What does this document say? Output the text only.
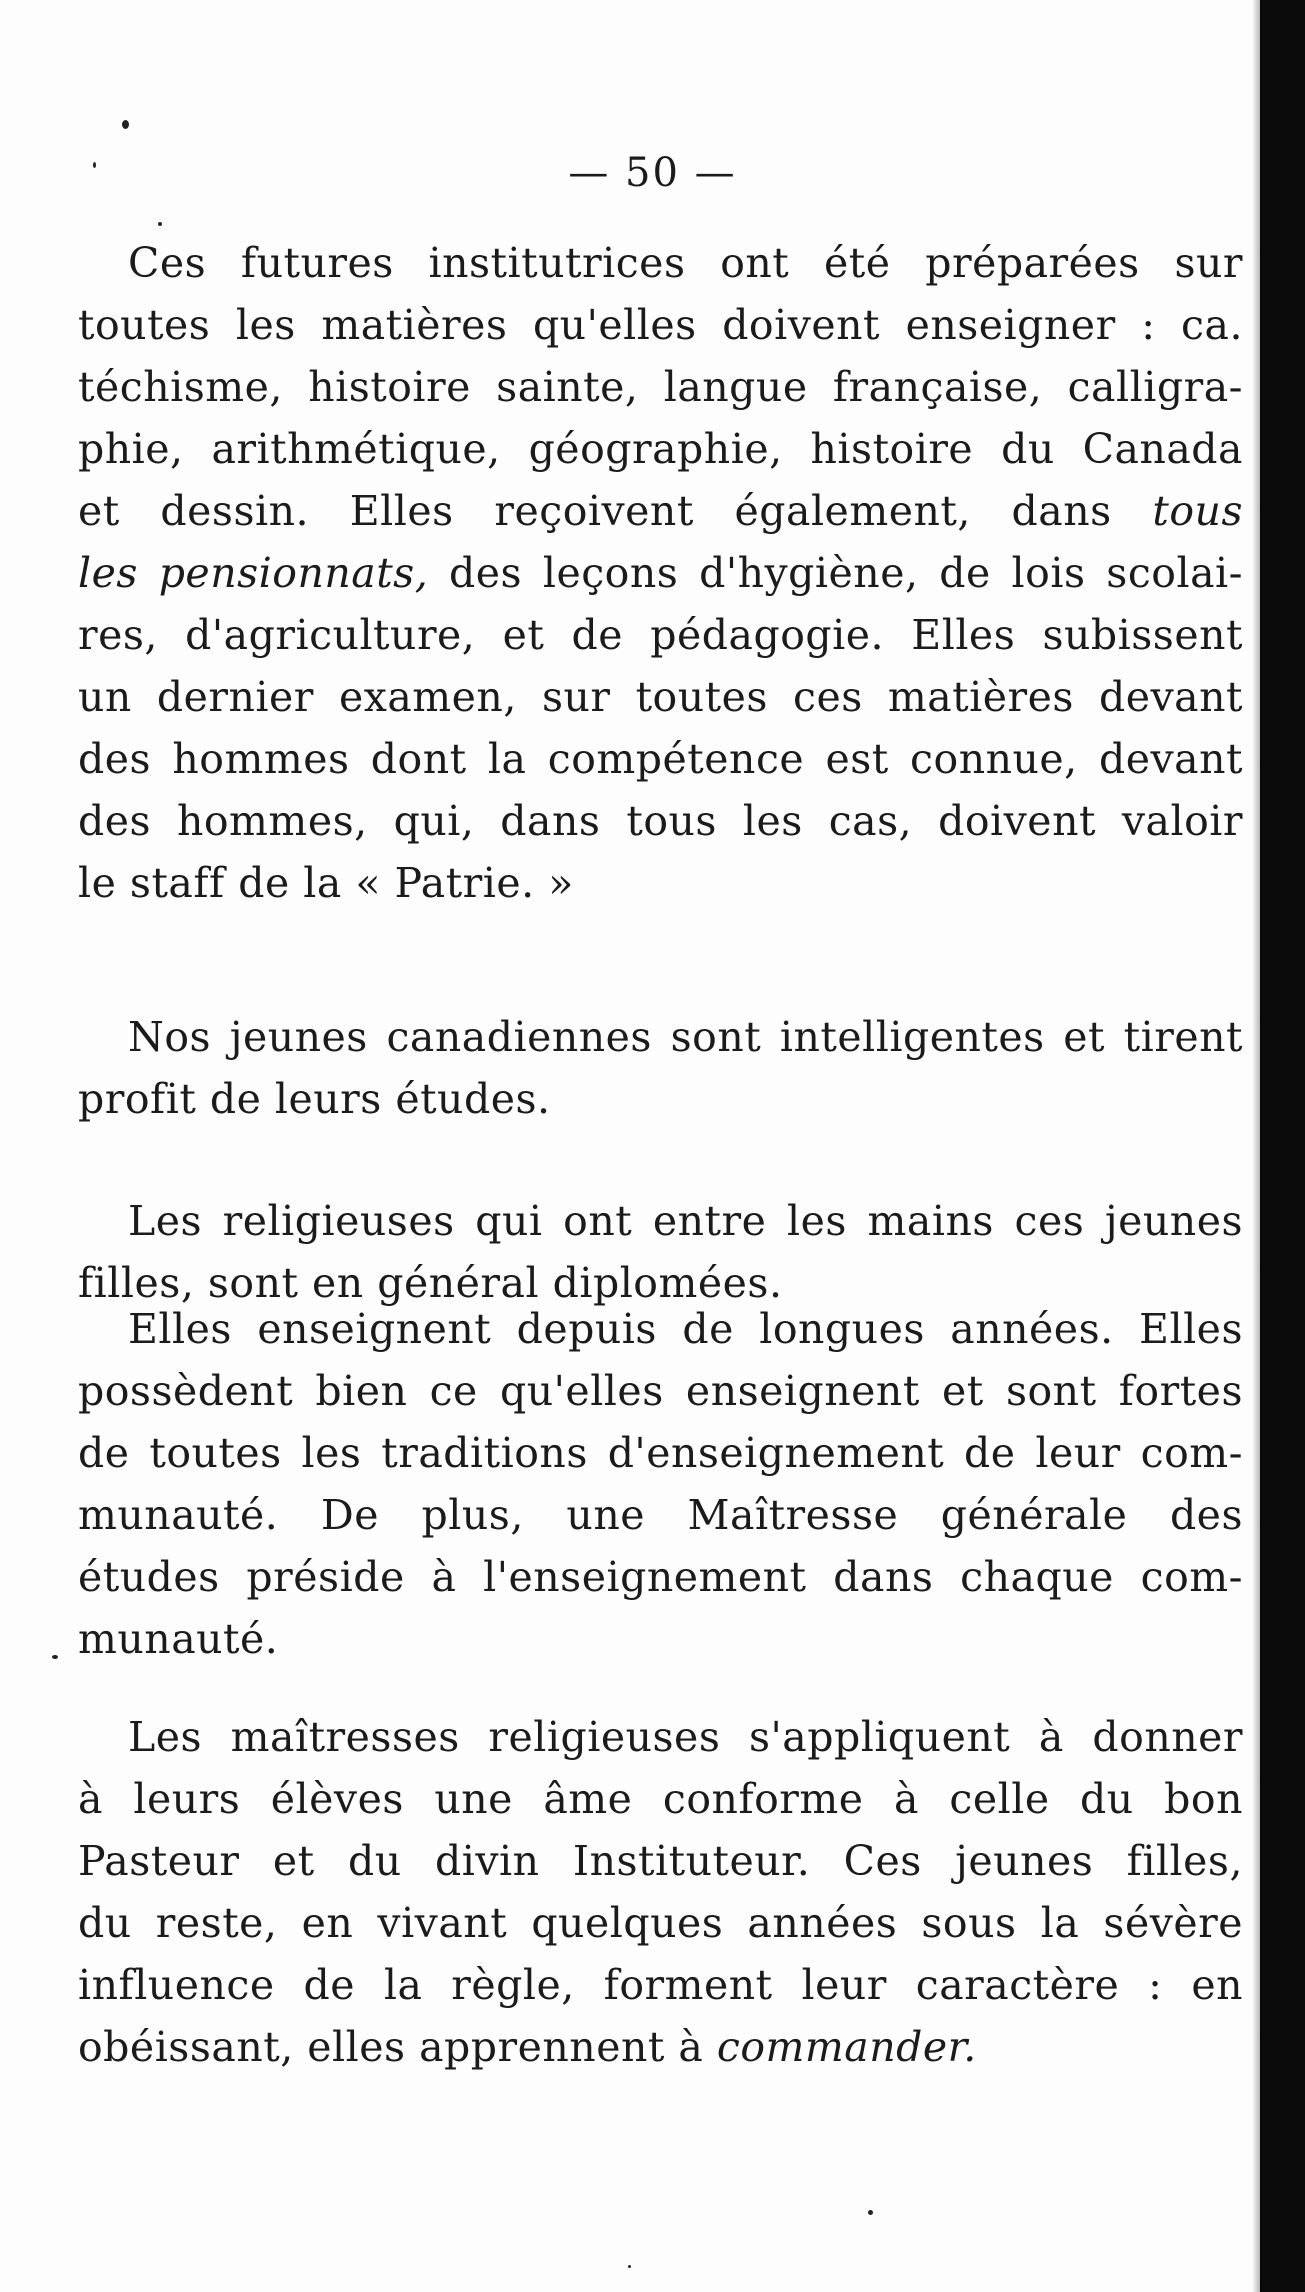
— 50 —
Ces futures institutrices ont été préparées sur
toutes les matières qu'elles doivent enseigner : ca.
téchisme, histoire sainte, langue française, calligra-
phie, arithmétique, géographie, histoire du Canada
et dessin. Elles reçoivent également, dans tous
les pensionnats, des leçons d'hygiène, de lois scolai-
res, d'agriculture, et de pédagogie. Elles subissent
un dernier examen, sur toutes ces matières devant
des hommes dont la compétence est connue, devant
des hommes, qui, dans tous les cas, doivent valoir
le staff de la « Patrie. »
Nos jeunes canadiennes sont intelligentes et tirent
profit de leurs études.
Les religieuses qui ont entre les mains ces jeunes
filles, sont en général diplomées.
Elles enseignent depuis de longues années. Elles
possèdent bien ce qu'elles enseignent et sont fortes
de toutes les traditions d'enseignement de leur com-
munauté. De plus, une Maîtresse générale des
études préside à l'enseignement dans chaque com-
munauté.
Les maîtresses religieuses s'appliquent à donner
à leurs élèves une âme conforme à celle du bon
Pasteur et du divin Instituteur. Ces jeunes filles,
du reste, en vivant quelques années sous la sévère
influence de la règle, forment leur caractère : en
obéissant, elles apprennent à commander.
